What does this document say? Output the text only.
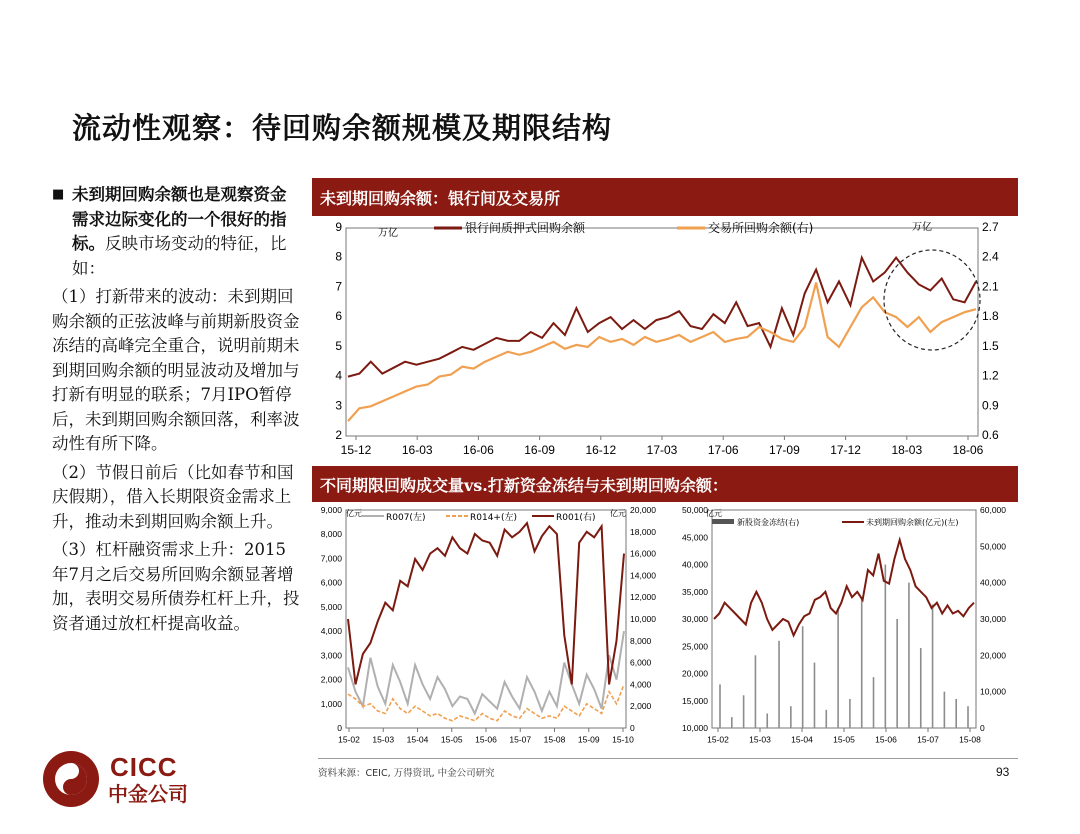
流动性观察：待回购余额规模及期限结构
■ 未到期回购余额也是观察资金需求边际变化的一个很好的指标。反映市场变动的特征，比如：

（1）打新带来的波动：未到期回购余额的正弦波峰与前期新股资金冻结的高峰完全重合，说明前期未到期回购余额的明显波动及增加与打新有明显的联系；7月IPO暂停后，未到期回购余额回落，利率波动性有所下降。

（2）节假日前后（比如春节和国庆假期），借入长期限资金需求上升，推动未到期回购余额上升。

（3）杠杆融资需求上升：2015年7月之后交易所回购余额显著增加，表明交易所债券杠杆上升，投资者通过放杠杆提高收益。

未到期回购余额：银行间及交易所
2
3
4
5
6
7
8
9
0.6
0.9
1.2
1.5
1.8
2.1
2.4
2.7
15-12	16-03	16-06	16-09	16-12	17-03	17-06	17-09	17-12	18-03	18-06
万亿
万亿
银行间质押式回购余额	交易所回购余额(右)
不同期限回购成交量vs.打新资金冻结与未到期回购余额：
0
1,000
2,000
3,000
4,000
5,000
6,000
7,000
8,000
9,000
0
2,000
4,000
6,000
8,000
10,000
12,000
14,000
16,000
18,000
20,000
15-02 15-03 15-04 15-05 15-06 15-07 15-08 15-09 15-10
亿元	亿元
R007(左)	R014+(左)	R001(右)
10,000
15,000
20,000
25,000
30,000
35,000
40,000
45,000
50,000
0
10,000
20,000
30,000
40,000
50,000
60,000
15-02 15-03 15-04 15-05 15-06 15-07 15-08
亿元
新股资金冻结(右)	未到期回购余额(亿元)(左)
资料来源：CEIC, 万得资讯, 中金公司研究	93
CICC
中金公司
